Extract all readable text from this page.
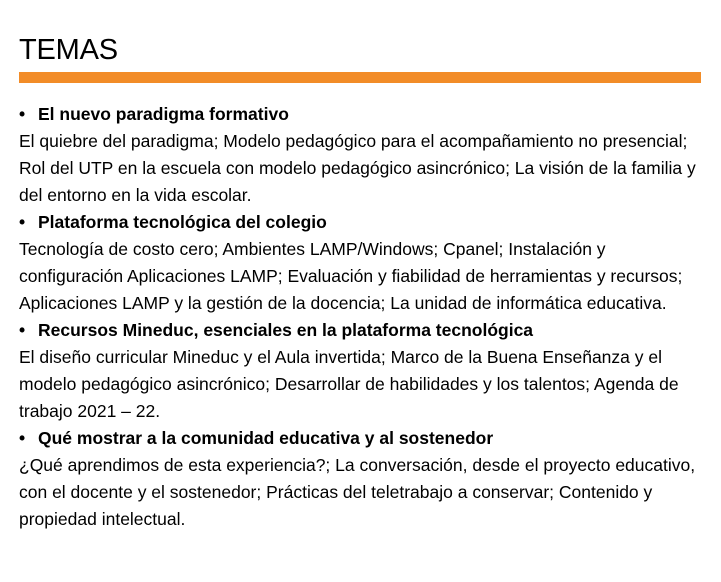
TEMAS
• El nuevo paradigma formativo

El quiebre del paradigma; Modelo pedagógico para el acompañamiento no presencial; Rol del UTP en la escuela con modelo pedagógico asincrónico; La visión de la familia y del entorno en la vida escolar.

• Plataforma tecnológica del colegio

Tecnología de costo cero; Ambientes LAMP/Windows; Cpanel; Instalación y configuración Aplicaciones LAMP; Evaluación y fiabilidad de herramientas y recursos; Aplicaciones LAMP y la gestión de la docencia; La unidad de informática educativa.

• Recursos Mineduc, esenciales en la plataforma tecnológica

El diseño curricular Mineduc y el Aula invertida; Marco de la Buena Enseñanza y el modelo pedagógico asincrónico; Desarrollar de habilidades y los talentos; Agenda de trabajo 2021 – 22.

• Qué mostrar a la comunidad educativa y al sostenedor

¿Qué aprendimos de esta experiencia?; La conversación, desde el proyecto educativo, con el docente y el sostenedor; Prácticas del teletrabajo a conservar; Contenido y propiedad intelectual.
